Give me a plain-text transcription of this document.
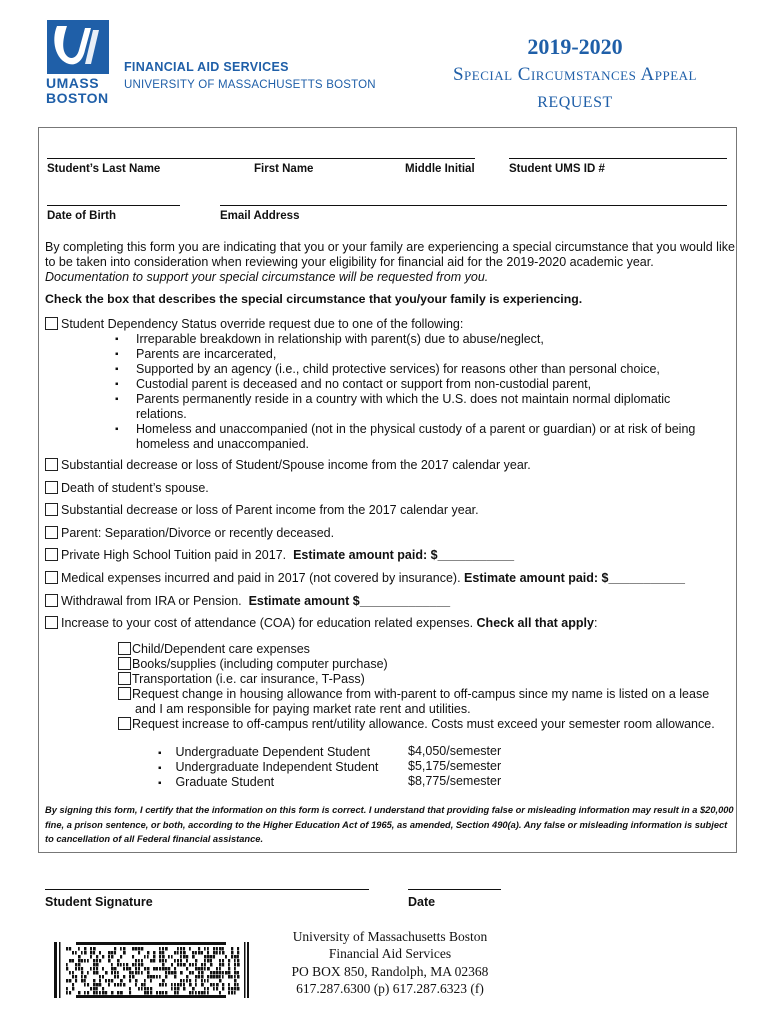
UMASS
BOSTON
FINANCIAL AID SERVICES
UNIVERSITY OF MASSACHUSETTS BOSTON
2019-2020
Special Circumstances Appeal
REQUEST
Student’s Last Name	First Name	Middle Initial	Student UMS ID #
Date of Birth	Email Address
By completing this form you are indicating that you or your family are experiencing a special circumstance that you would like to be taken into consideration when reviewing your eligibility for financial aid for the 2019-2020 academic year. Documentation to support your special circumstance will be requested from you.
Check the box that describes the special circumstance that you/your family is experiencing.
Student Dependency Status override request due to one of the following:
▪ Irreparable breakdown in relationship with parent(s) due to abuse/neglect,
▪ Parents are incarcerated,
▪ Supported by an agency (i.e., child protective services) for reasons other than personal choice,
▪ Custodial parent is deceased and no contact or support from non-custodial parent,
▪ Parents permanently reside in a country with which the U.S. does not maintain normal diplomatic relations.
▪ Homeless and unaccompanied (not in the physical custody of a parent or guardian) or at risk of being homeless and unaccompanied.
Substantial decrease or loss of Student/Spouse income from the 2017 calendar year.
Death of student’s spouse.
Substantial decrease or loss of Parent income from the 2017 calendar year.
Parent: Separation/Divorce or recently deceased.
Private High School Tuition paid in 2017. Estimate amount paid: $___________
Medical expenses incurred and paid in 2017 (not covered by insurance). Estimate amount paid: $___________
Withdrawal from IRA or Pension. Estimate amount $_____________
Increase to your cost of attendance (COA) for education related expenses. Check all that apply:
Child/Dependent care expenses
Books/supplies (including computer purchase)
Transportation (i.e. car insurance, T-Pass)
Request change in housing allowance from with-parent to off-campus since my name is listed on a lease
and I am responsible for paying market rate rent and utilities.
Request increase to off-campus rent/utility allowance. Costs must exceed your semester room allowance.
▪ Undergraduate Dependent Student	$4,050/semester
▪ Undergraduate Independent Student $5,175/semester
▪ Graduate Student	$8,775/semester
By signing this form, I certify that the information on this form is correct. I understand that providing false or misleading information may result in a $20,000 fine, a prison sentence, or both, according to the Higher Education Act of 1965, as amended, Section 490(a). Any false or misleading information is subject to cancellation of all Federal financial assistance.
Student Signature	Date
University of Massachusetts Boston
Financial Aid Services
PO BOX 850, Randolph, MA 02368
617.287.6300 (p) 617.287.6323 (f)
